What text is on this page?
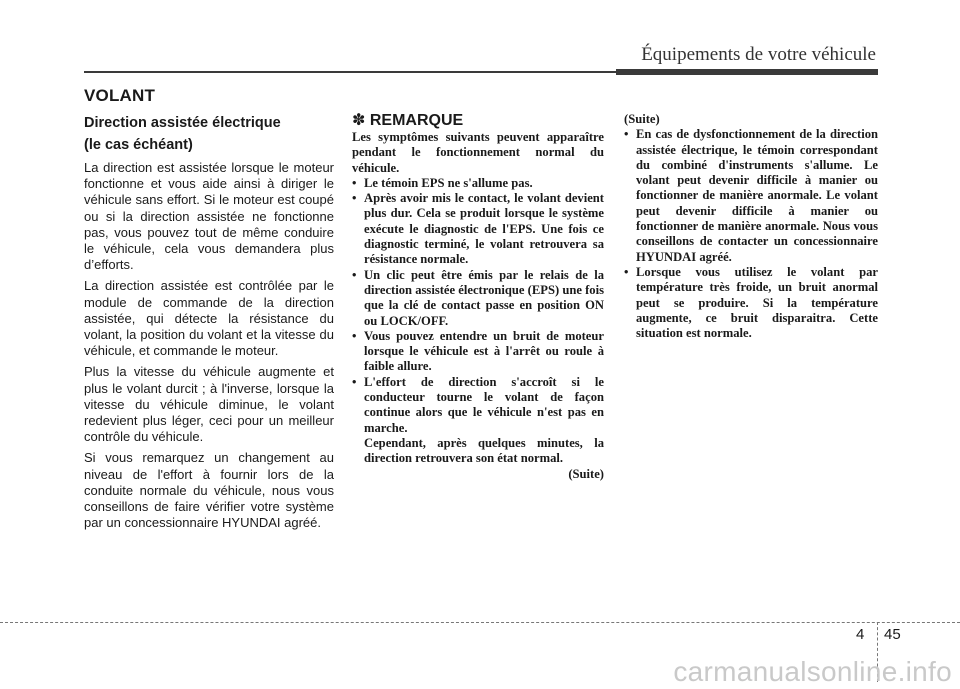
Équipements de votre véhicule
VOLANT
Direction assistée électrique
(le cas échéant)

La direction est assistée lorsque le moteur fonctionne et vous aide ainsi à diriger le véhicule sans effort. Si le moteur est coupé ou si la direction assistée ne fonctionne pas, vous pouvez tout de même conduire le véhicule, cela vous demandera plus d’efforts.

La direction assistée est contrôlée par le module de commande de la direction assistée, qui détecte la résistance du volant, la position du volant et la vitesse du véhicule, et commande le moteur.

Plus la vitesse du véhicule augmente et plus le volant durcit ; à l'inverse, lorsque la vitesse du véhicule diminue, le volant redevient plus léger, ceci pour un meilleur contrôle du véhicule.

Si vous remarquez un changement au niveau de l'effort à fournir lors de la conduite normale du véhicule, nous vous conseillons de faire vérifier votre système par un concessionnaire HYUNDAI agréé.

✽ REMARQUE

Les symptômes suivants peuvent apparaître pendant le fonctionnement normal du véhicule.

• Le témoin EPS ne s'allume pas.
• Après avoir mis le contact, le volant devient plus dur. Cela se produit lorsque le système exécute le diagnostic de l'EPS. Une fois ce diagnostic terminé, le volant retrouvera sa résistance normale.
• Un clic peut être émis par le relais de la direction assistée électronique (EPS) une fois que la clé de contact passe en position ON ou LOCK/OFF.
• Vous pouvez entendre un bruit de moteur lorsque le véhicule est à l'arrêt ou roule à faible allure.
• L'effort de direction s'accroît si le conducteur tourne le volant de façon continue alors que le véhicule n'est pas en marche.
Cependant, après quelques minutes, la direction retrouvera son état normal.

(Suite)

(Suite)

• En cas de dysfonctionnement de la direction assistée électrique, le témoin correspondant du combiné d'instruments s'allume. Le volant peut devenir difficile à manier ou fonctionner de manière anormale. Le volant peut devenir difficile à manier ou fonctionner de manière anormale. Nous vous conseillons de contacter un concessionnaire HYUNDAI agréé.
• Lorsque vous utilisez le volant par température très froide, un bruit anormal peut se produire. Si la température augmente, ce bruit disparaitra. Cette situation est normale.
4 45
carmanualsonline.info
